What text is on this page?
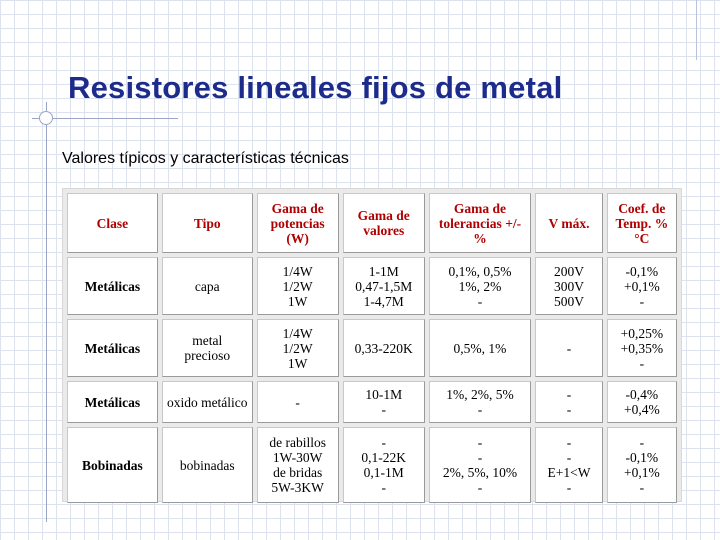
Resistores lineales fijos de metal

Valores típicos y características técnicas

Clase	Tipo	Gama de
potencias
(W)	Gama de
valores	Gama de
tolerancias +/-
%	V máx.	Coef. de
Temp. %
°C

Metálicas	capa	1/4W
1/2W
1W	1-1M
0,47-1,5M
1-4,7M	0,1%, 0,5%
1%, 2%
-	200V
300V
500V	-0,1%
+0,1%
-

Metálicas	metal
precioso	1/4W
1/2W
1W	0,33-220K	0,5%, 1%	-	+0,25%
+0,35%
-

Metálicas	oxido metálico	-	10-1M
-	1%, 2%, 5%
-	-
-	-0,4%
+0,4%

Bobinadas	bobinadas	de rabillos
1W-30W
de bridas
5W-3KW	-
0,1-22K
0,1-1M
-	-
-
2%, 5%, 10%
-	-
-
E+1<W
-	-
-0,1%
+0,1%
-
